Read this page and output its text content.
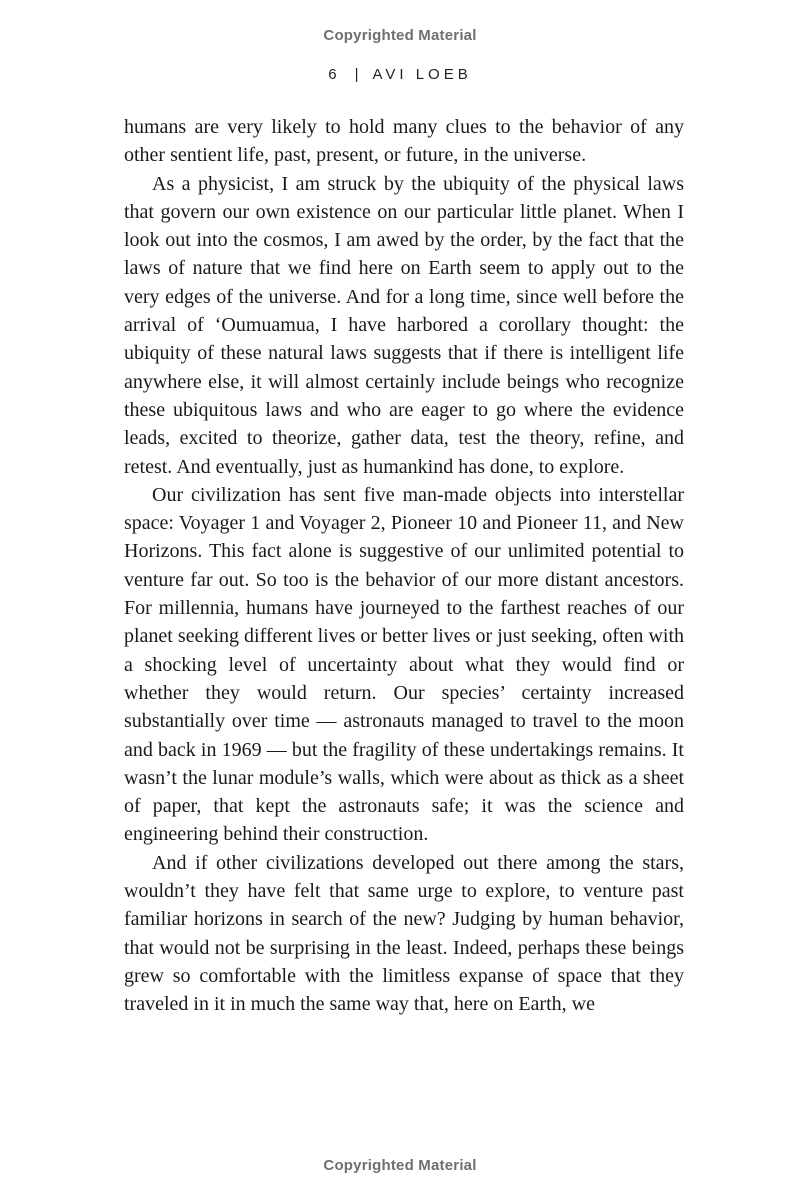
Copyrighted Material
6 | AVI LOEB

humans are very likely to hold many clues to the behavior of any other sentient life, past, present, or future, in the universe.

As a physicist, I am struck by the ubiquity of the physical laws that govern our own existence on our particular little planet. When I look out into the cosmos, I am awed by the order, by the fact that the laws of nature that we find here on Earth seem to apply out to the very edges of the universe. And for a long time, since well before the arrival of ‘Oumuamua, I have harbored a corollary thought: the ubiquity of these natural laws suggests that if there is intelligent life anywhere else, it will almost certainly include beings who recognize these ubiquitous laws and who are eager to go where the evidence leads, excited to theorize, gather data, test the theory, refine, and retest. And eventually, just as humankind has done, to explore.

Our civilization has sent five man-made objects into interstellar space: Voyager 1 and Voyager 2, Pioneer 10 and Pioneer 11, and New Horizons. This fact alone is suggestive of our unlimited potential to venture far out. So too is the behavior of our more distant ancestors. For millennia, humans have journeyed to the farthest reaches of our planet seeking different lives or better lives or just seeking, often with a shocking level of uncertainty about what they would find or whether they would return. Our species’ certainty increased substantially over time — astronauts managed to travel to the moon and back in 1969 — but the fragility of these undertakings remains. It wasn’t the lunar module’s walls, which were about as thick as a sheet of paper, that kept the astronauts safe; it was the science and engineering behind their construction.

And if other civilizations developed out there among the stars, wouldn’t they have felt that same urge to explore, to venture past familiar horizons in search of the new? Judging by human behavior, that would not be surprising in the least. Indeed, perhaps these beings grew so comfortable with the limitless expanse of space that they traveled in it in much the same way that, here on Earth, we

Copyrighted Material
